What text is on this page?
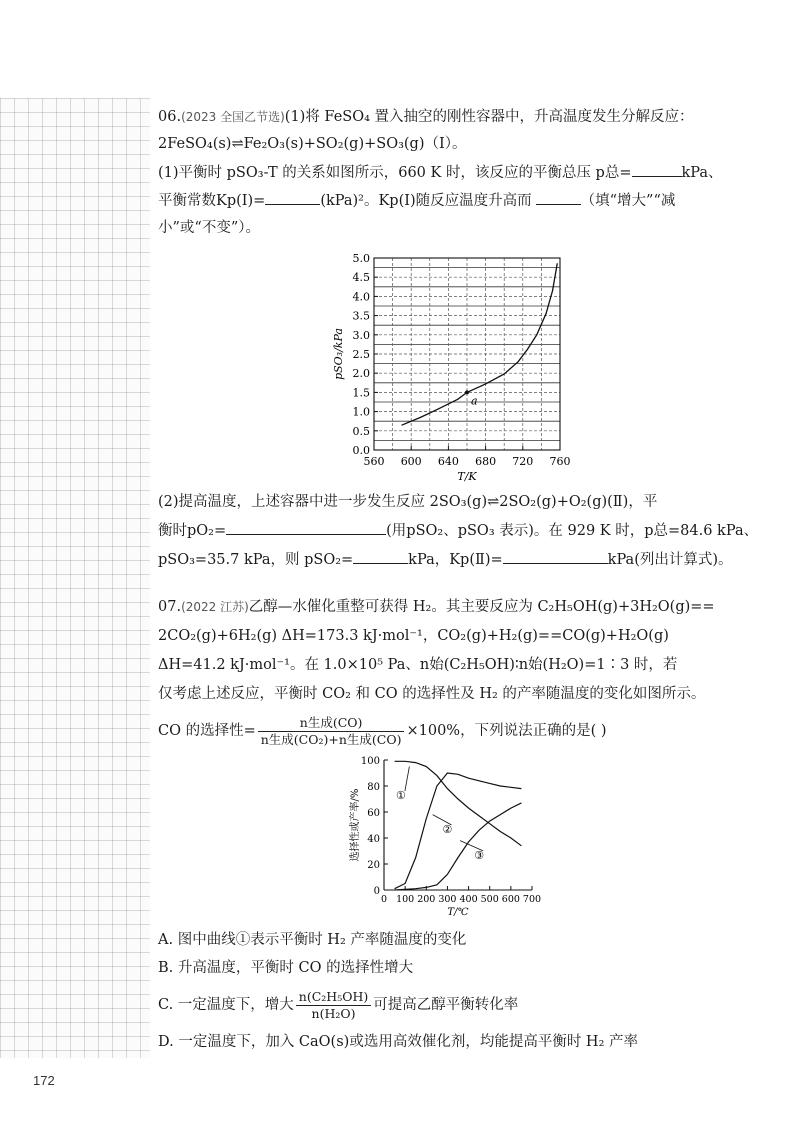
06.(2023 全国乙节选)(1)将 FeSO₄ 置入抽空的刚性容器中，升高温度发生分解反应：
2FeSO₄(s)⇌Fe₂O₃(s)+SO₂(g)+SO₃(g)（Ⅰ）。
(1)平衡时 pSO₃-T 的关系如图所示，660 K 时，该反应的平衡总压 p总=	kPa、
平衡常数Kp(Ⅰ)=	(kPa)²。Kp(Ⅰ)随反应温度升高而	（填“增大”“减
小”或“不变”）。
0.0
0.5
1.0
1.5
2.0
2.5
3.0
3.5
4.0
4.5
5.0
560 600 640 680 720 760
T/K
pSO₃/kPa
a
(2)提高温度，上述容器中进一步发生反应 2SO₃(g)⇌2SO₂(g)+O₂(g)(Ⅱ)，平
衡时pO₂=	(用pSO₂、pSO₃ 表示)。在 929 K 时，p总=84.6 kPa、
pSO₃=35.7 kPa，则 pSO₂=	kPa，Kp(Ⅱ)=	kPa(列出计算式)。
07.(2022 江苏)乙醇—水催化重整可获得 H₂。其主要反应为 C₂H₅OH(g)+3H₂O(g)==
2CO₂(g)+6H₂(g) ΔH=173.3 kJ·mol⁻¹，CO₂(g)+H₂(g)==CO(g)+H₂O(g)
ΔH=41.2 kJ·mol⁻¹。在 1.0×10⁵ Pa、n始(C₂H₅OH)∶n始(H₂O)=1∶3 时，若
仅考虑上述反应，平衡时 CO₂ 和 CO 的选择性及 H₂ 的产率随温度的变化如图所示。
CO 的选择性= $\frac{\text{n生成(CO)}}{\text{n生成(CO₂)+n生成(CO)}} \times 100\%$，下列说法正确的是( )
0
20
40
60
80
100
0 100 200 300 400 500 600 700
T/℃
选择性或产率/%	①
②
③
A. 图中曲线①表示平衡时 H₂ 产率随温度的变化
B. 升高温度，平衡时 CO 的选择性增大
C. 一定温度下，增大 $\frac{\text{n(C₂H₅OH)}}{\text{n(H₂O)}}$ 可提高乙醇平衡转化率
D. 一定温度下，加入 CaO(s)或选用高效催化剂，均能提高平衡时 H₂ 产率
172
